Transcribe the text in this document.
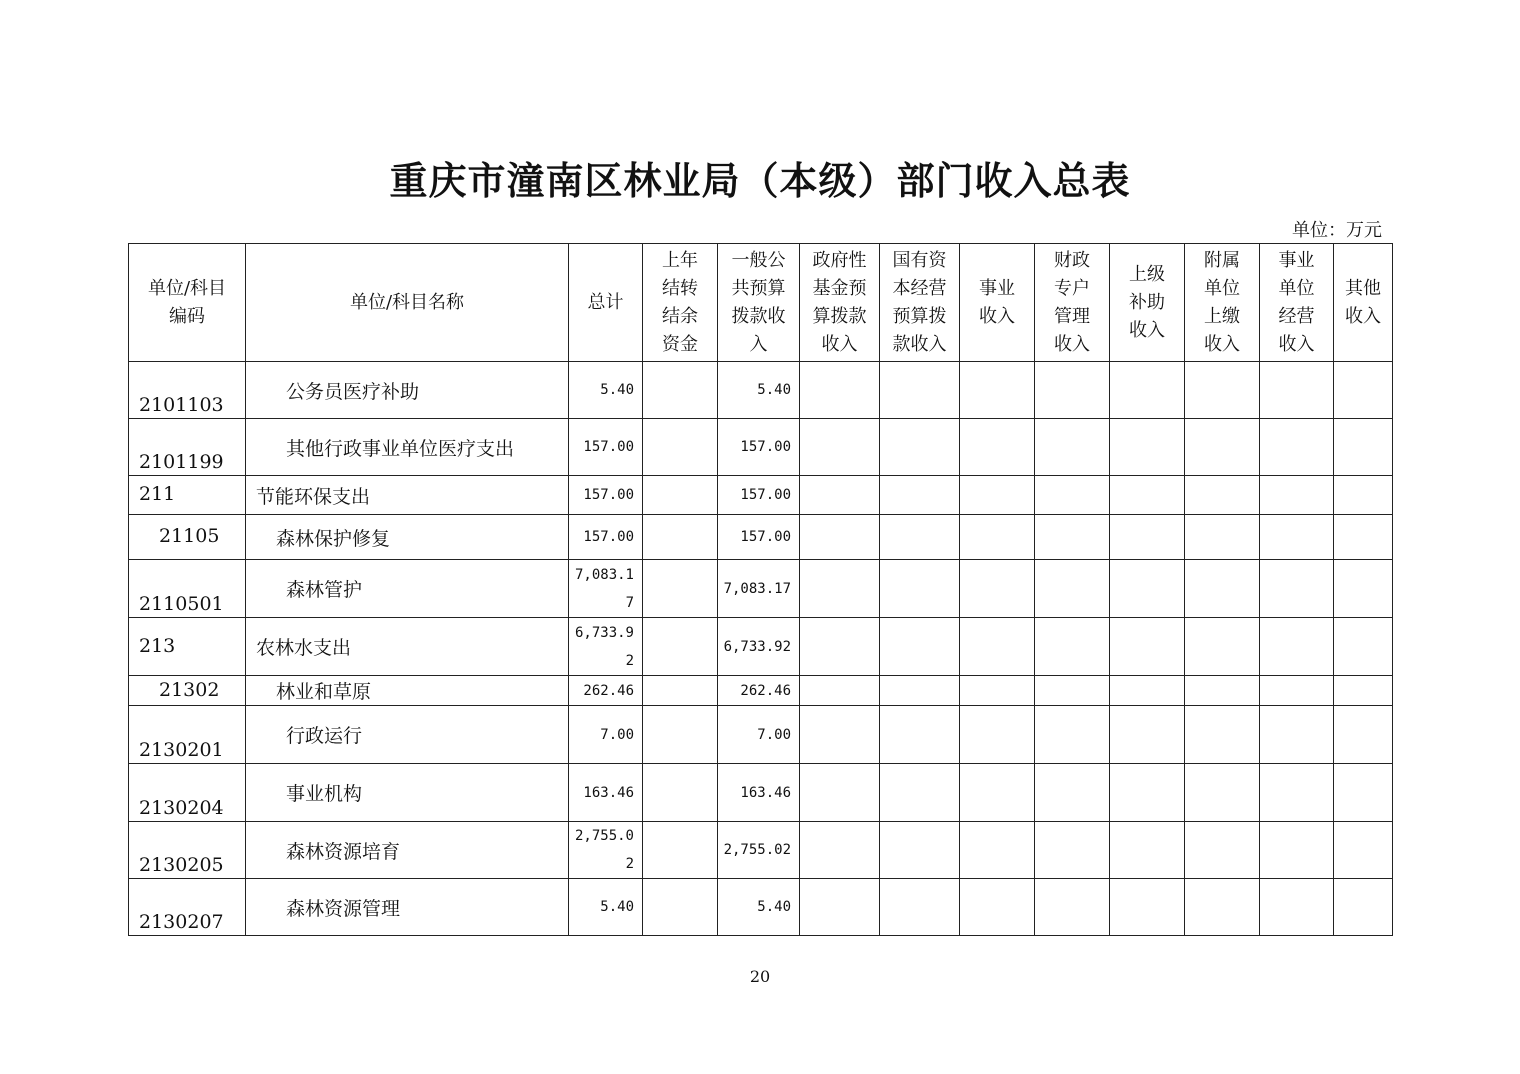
重庆市潼南区林业局（本级）部门收入总表
单位：万元
单位/科目编码	单位/科目名称	总计	上年结转结余资金	一般公共预算拨款收入	政府性基金预算拨款收入	国有资本经营预算拨款收入	事业收入	财政专户管理收入	上级补助收入	附属单位上缴收入	事业单位经营收入	其他收入
2101103	公务员医疗补助	5.40		5.40								
2101199	其他行政事业单位医疗支出	157.00		157.00								
211	节能环保支出	157.00		157.00								
21105	森林保护修复	157.00		157.00								
2110501	森林管护	7,083.17		7,083.17								
213	农林水支出	6,733.92		6,733.92								
21302	林业和草原	262.46		262.46								
2130201	行政运行	7.00		7.00								
2130204	事业机构	163.46		163.46								
2130205	森林资源培育	2,755.02		2,755.02								
2130207	森林资源管理	5.40		5.40								
20
